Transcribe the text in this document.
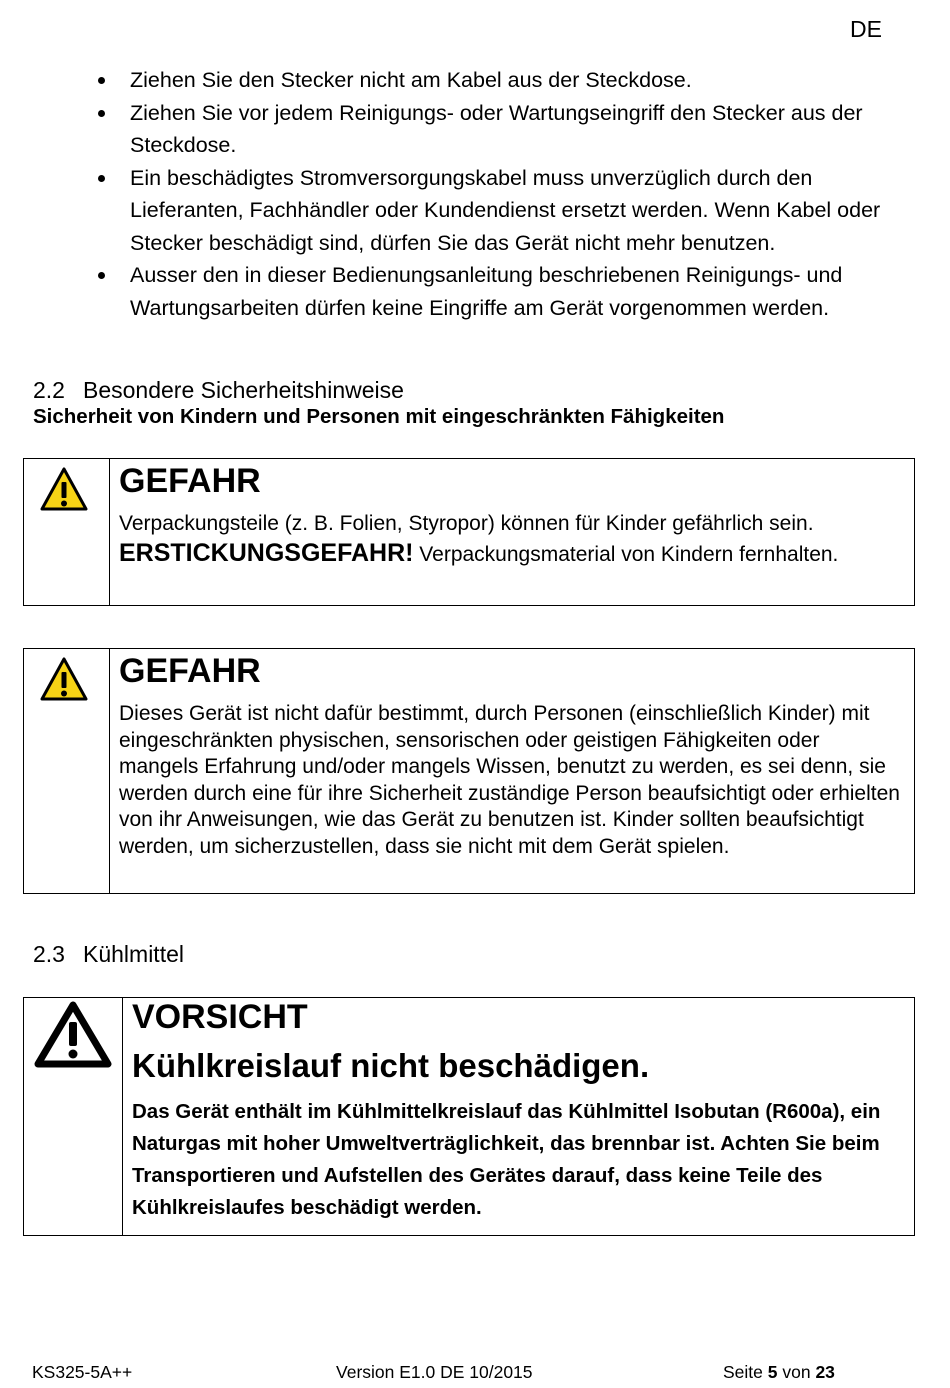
DE
Ziehen Sie den Stecker nicht am Kabel aus der Steckdose.
Ziehen Sie vor jedem Reinigungs- oder Wartungseingriff den Stecker aus der Steckdose.
Ein beschädigtes Stromversorgungskabel muss unverzüglich durch den Lieferanten, Fachhändler oder Kundendienst ersetzt werden. Wenn Kabel oder Stecker beschädigt sind, dürfen Sie das Gerät nicht mehr benutzen.
Ausser den in dieser Bedienungsanleitung beschriebenen Reinigungs- und Wartungsarbeiten dürfen keine Eingriffe am Gerät vorgenommen werden.
2.2 Besondere Sicherheitshinweise
Sicherheit von Kindern und Personen mit eingeschränkten Fähigkeiten
GEFAHR
Verpackungsteile (z. B. Folien, Styropor) können für Kinder gefährlich sein.
ERSTICKUNGSGEFAHR! Verpackungsmaterial von Kindern fernhalten.
GEFAHR
Dieses Gerät ist nicht dafür bestimmt, durch Personen (einschließlich Kinder) mit eingeschränkten physischen, sensorischen oder geistigen Fähigkeiten oder mangels Erfahrung und/oder mangels Wissen, benutzt zu werden, es sei denn, sie werden durch eine für ihre Sicherheit zuständige Person beaufsichtigt oder erhielten von ihr Anweisungen, wie das Gerät zu benutzen ist. Kinder sollten beaufsichtigt werden, um sicherzustellen, dass sie nicht mit dem Gerät spielen.
2.3 Kühlmittel
VORSICHT
Kühlkreislauf nicht beschädigen.
Das Gerät enthält im Kühlmittelkreislauf das Kühlmittel Isobutan (R600a), ein Naturgas mit hoher Umweltverträglichkeit, das brennbar ist. Achten Sie beim Transportieren und Aufstellen des Gerätes darauf, dass keine Teile des Kühlkreislaufes beschädigt werden.
KS325-5A++	Version E1.0 DE 10/2015	Seite 5 von 23
